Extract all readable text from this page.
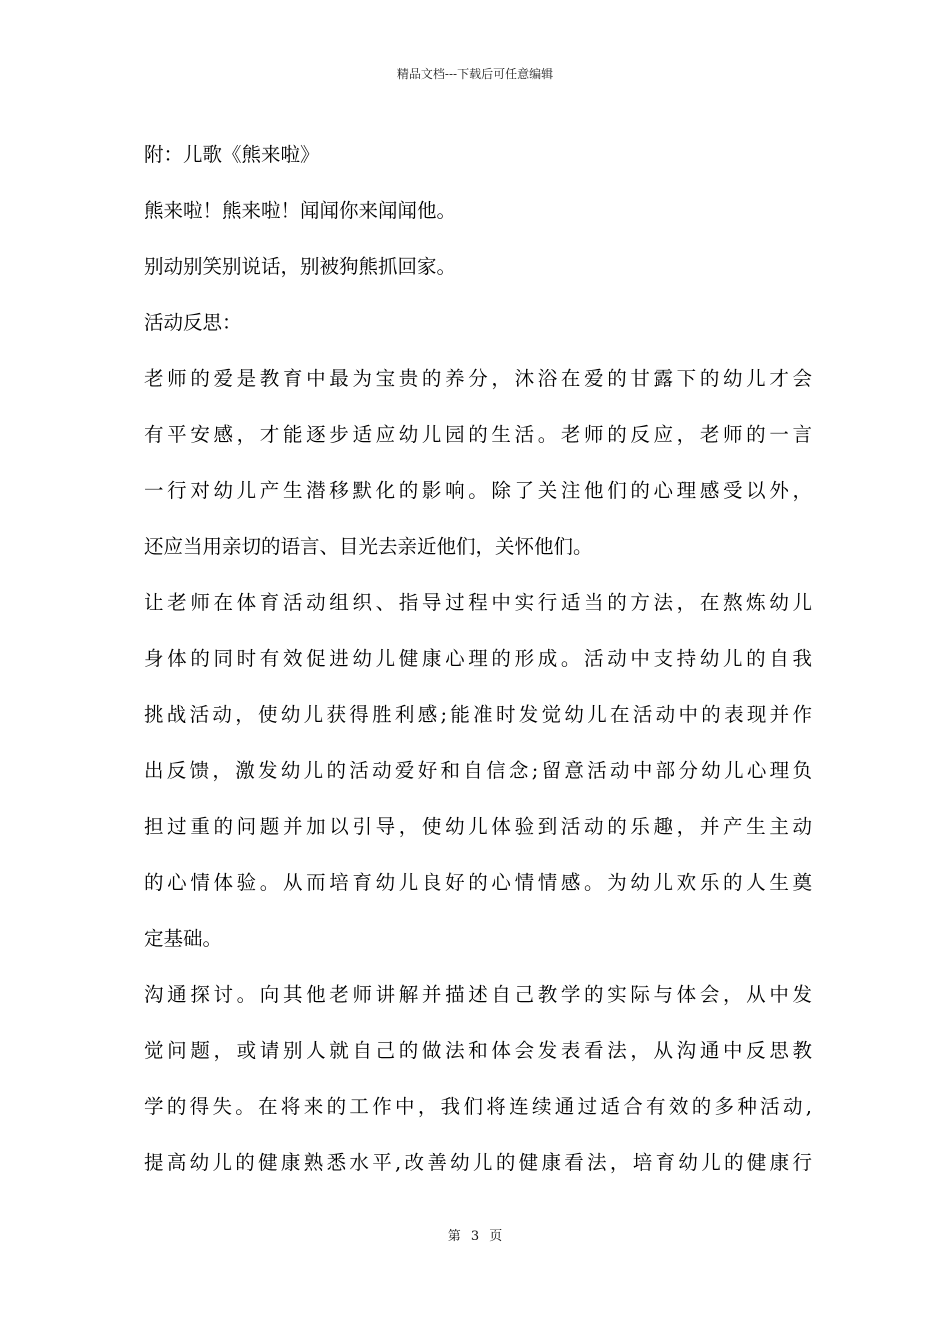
精品文档---下载后可任意编辑
附：儿歌《熊来啦》
熊来啦！熊来啦！闻闻你来闻闻他。
别动别笑别说话，别被狗熊抓回家。
活动反思：
老师的爱是教育中最为宝贵的养分，沐浴在爱的甘露下的幼儿才会
有平安感，才能逐步适应幼儿园的生活。老师的反应，老师的一言
一行对幼儿产生潜移默化的影响。除了关注他们的心理感受以外，
还应当用亲切的语言、目光去亲近他们，关怀他们。
让老师在体育活动组织、指导过程中实行适当的方法，在熬炼幼儿
身体的同时有效促进幼儿健康心理的形成。活动中支持幼儿的自我
挑战活动，使幼儿获得胜利感;能准时发觉幼儿在活动中的表现并作
出反馈，激发幼儿的活动爱好和自信念;留意活动中部分幼儿心理负
担过重的问题并加以引导，使幼儿体验到活动的乐趣，并产生主动
的心情体验。从而培育幼儿良好的心情情感。为幼儿欢乐的人生奠
定基础。
沟通探讨。向其他老师讲解并描述自己教学的实际与体会，从中发
觉问题，或请别人就自己的做法和体会发表看法，从沟通中反思教
学的得失。在将来的工作中，我们将连续通过适合有效的多种活动,
提高幼儿的健康熟悉水平,改善幼儿的健康看法，培育幼儿的健康行
第 3 页
